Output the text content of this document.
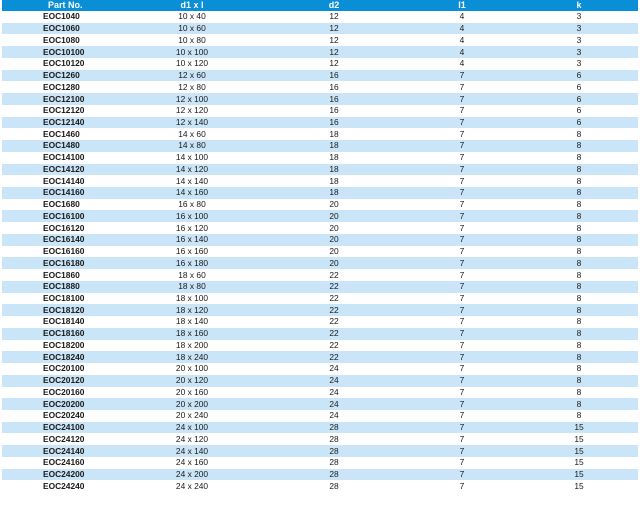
Part No.	d1 x l	d2	l1	k
EOC1040	10 x 40	12	4	3
EOC1060	10 x 60	12	4	3
EOC1080	10 x 80	12	4	3
EOC10100	10 x 100	12	4	3
EOC10120	10 x 120	12	4	3
EOC1260	12 x 60	16	7	6
EOC1280	12 x 80	16	7	6
EOC12100	12 x 100	16	7	6
EOC12120	12 x 120	16	7	6
EOC12140	12 x 140	16	7	6
EOC1460	14 x 60	18	7	8
EOC1480	14 x 80	18	7	8
EOC14100	14 x 100	18	7	8
EOC14120	14 x 120	18	7	8
EOC14140	14 x 140	18	7	8
EOC14160	14 x 160	18	7	8
EOC1680	16 x 80	20	7	8
EOC16100	16 x 100	20	7	8
EOC16120	16 x 120	20	7	8
EOC16140	16 x 140	20	7	8
EOC16160	16 x 160	20	7	8
EOC16180	16 x 180	20	7	8
EOC1860	18 x 60	22	7	8
EOC1880	18 x 80	22	7	8
EOC18100	18 x 100	22	7	8
EOC18120	18 x 120	22	7	8
EOC18140	18 x 140	22	7	8
EOC18160	18 x 160	22	7	8
EOC18200	18 x 200	22	7	8
EOC18240	18 x 240	22	7	8
EOC20100	20 x 100	24	7	8
EOC20120	20 x 120	24	7	8
EOC20160	20 x 160	24	7	8
EOC20200	20 x 200	24	7	8
EOC20240	20 x 240	24	7	8
EOC24100	24 x 100	28	7	15
EOC24120	24 x 120	28	7	15
EOC24140	24 x 140	28	7	15
EOC24160	24 x 160	28	7	15
EOC24200	24 x 200	28	7	15
EOC24240	24 x 240	28	7	15
